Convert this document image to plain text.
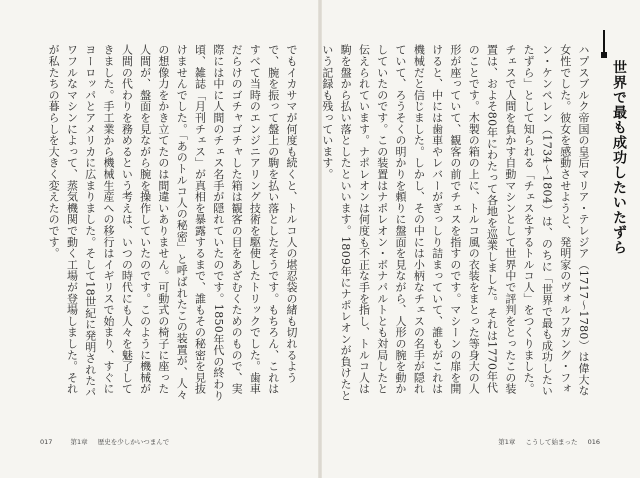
でもイカサマが何度も続くと、トルコ人の堪忍袋の緒も切れるようで、腕を振って盤上の駒を払い落としたそうです。もちろん、これはすべて当時のエンジニアリング技術を駆使したトリックでした。歯車だらけのゴチャゴチャした箱は観客の目をあざむくためのもので、実際には中に人間のチェス名手が隠れていたのです。1850年代の終わり頃、雑誌「月刊チェス」が真相を暴露するまで、誰もその秘密を見抜けませんでした。「あのトルコ人の秘密」と呼ばれたこの装置が、人々の想像力をかき立てたのは間違いありません。可動式の椅子に座った人間が、盤面を見ながら腕を操作していたのです。このように機械が人間の代わりを務めるという考えは、いつの時代にも人々を魅了してきました。手工業から機械生産への移行はイギリスで始まり、すぐにヨーロッパとアメリカに広まりました。そして18世紀に発明されたパワフルなマシンによって、蒸気機関で動く工場が登場しました。それが私たちの暮らしを大きく変えたのです。
017	第1章 歴史を少しかいつまんで
ハプスブルク帝国の皇后マリア・テレジア（1717〜1780）は偉大な女性でした。彼女を感動させようと、発明家のヴォルフガング・フォン・ケンペレン（1734〜1804）は、のちに「世界で最も成功したいたずら」として知られる「チェスをするトルコ人」をつくりました。チェスで人間を負かす自動マシンとして世界中で評判をとったこの装置は、およそ80年にわたって各地を巡業しました。それは1770年代のことです。木製の箱の上に、トルコ風の衣装をまとった等身大の人形が座っていて、観客の前でチェスを指すのです。マシーンの扉を開けると、中には歯車やレバーがぎっしり詰まっていて、誰もがこれは機械だと信じました。しかし、その中には小柄なチェスの名手が隠れていて、ろうそくの明かりを頼りに盤面を見ながら、人形の腕を動かしていたのです。この装置はナポレオン・ボナパルトとも対局したと伝えられています。ナポレオンは何度も不正な手を指し、トルコ人は駒を盤から払い落としたといいます。1809年にナポレオンが負けたという記録も残っています。	世界で最も成功したいたずら
第1章 こうして始まった 016
